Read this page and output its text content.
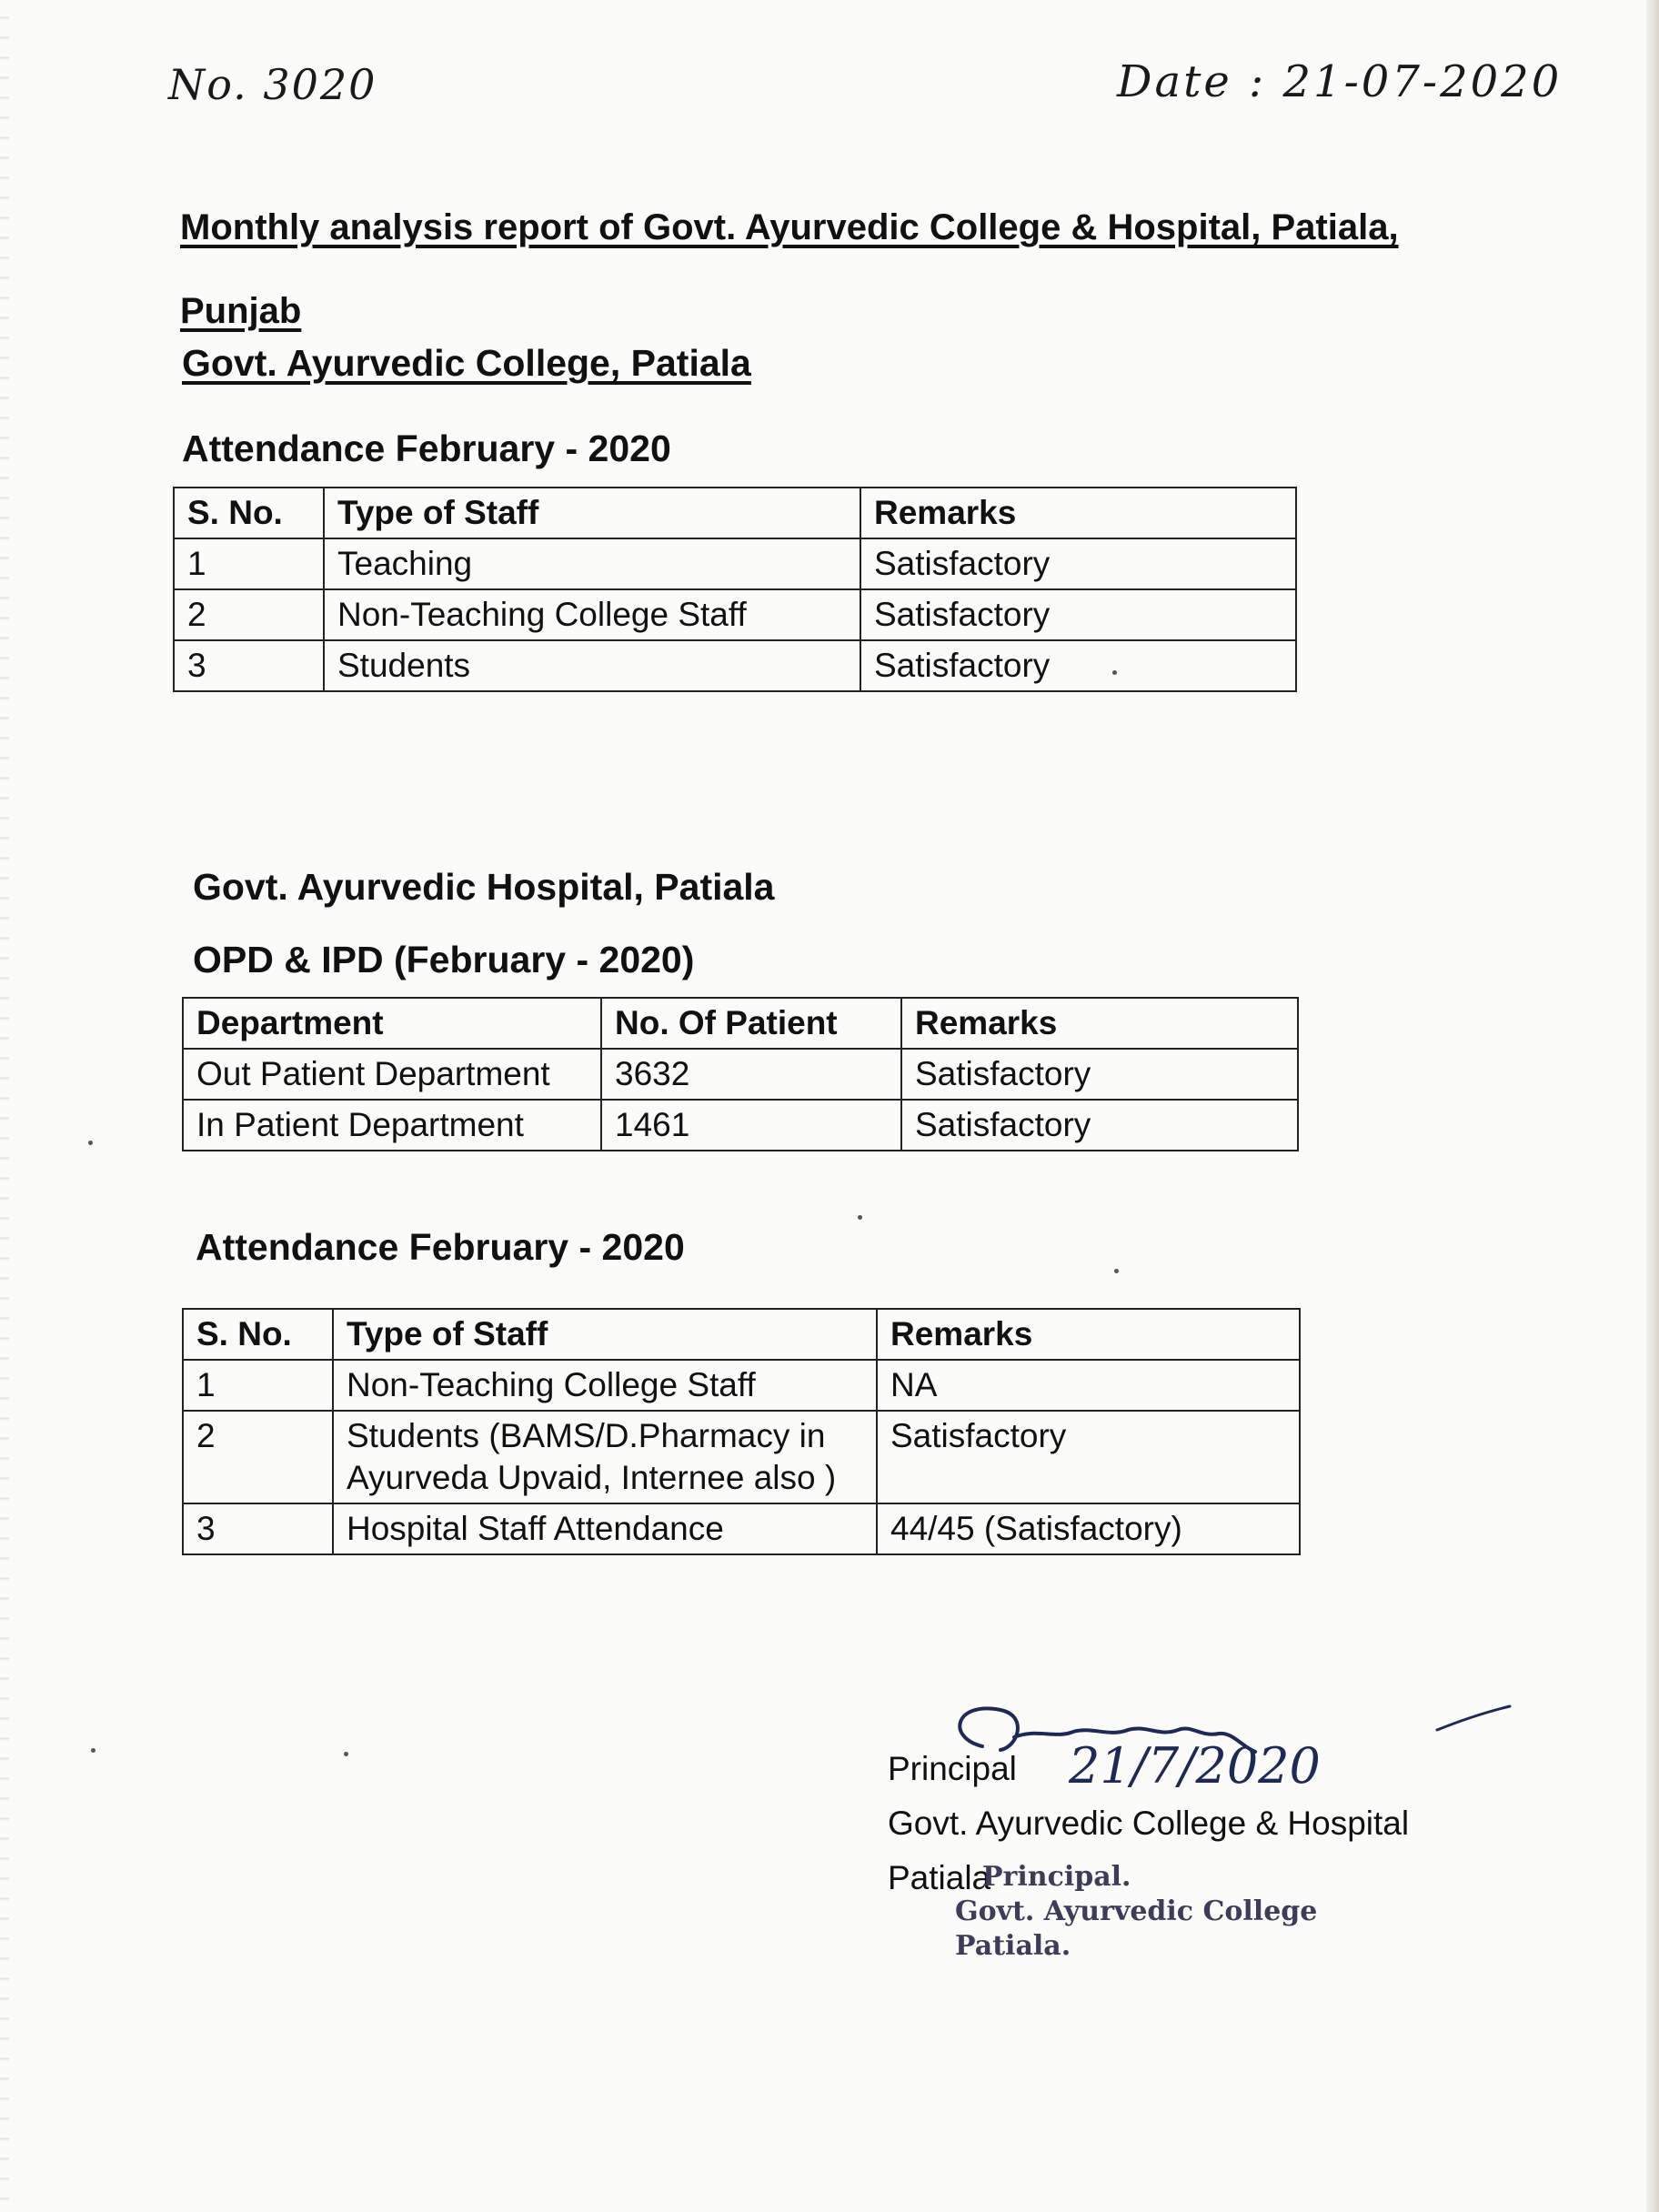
No. 3020	Date : 21-07-2020
Monthly analysis report of Govt. Ayurvedic College & Hospital, Patiala, Punjab
Govt. Ayurvedic College, Patiala
Attendance February - 2020
S. No.	Type of Staff	Remarks
1	Teaching	Satisfactory
2	Non-Teaching College Staff	Satisfactory
3	Students	Satisfactory
Govt. Ayurvedic Hospital, Patiala
OPD & IPD (February - 2020)
Department	No. Of Patient	Remarks
Out Patient Department	3632	Satisfactory
In Patient Department	1461	Satisfactory
Attendance February - 2020
S. No.	Type of Staff	Remarks
1	Non-Teaching College Staff	NA
2	Students (BAMS/D.Pharmacy in Ayurveda Upvaid, Internee also )	Satisfactory
3	Hospital Staff Attendance	44/45 (Satisfactory)
21/7/2020
Principal
Govt. Ayurvedic College & Hospital
Patiala
Principal.
Govt. Ayurvedic College
Patiala.
